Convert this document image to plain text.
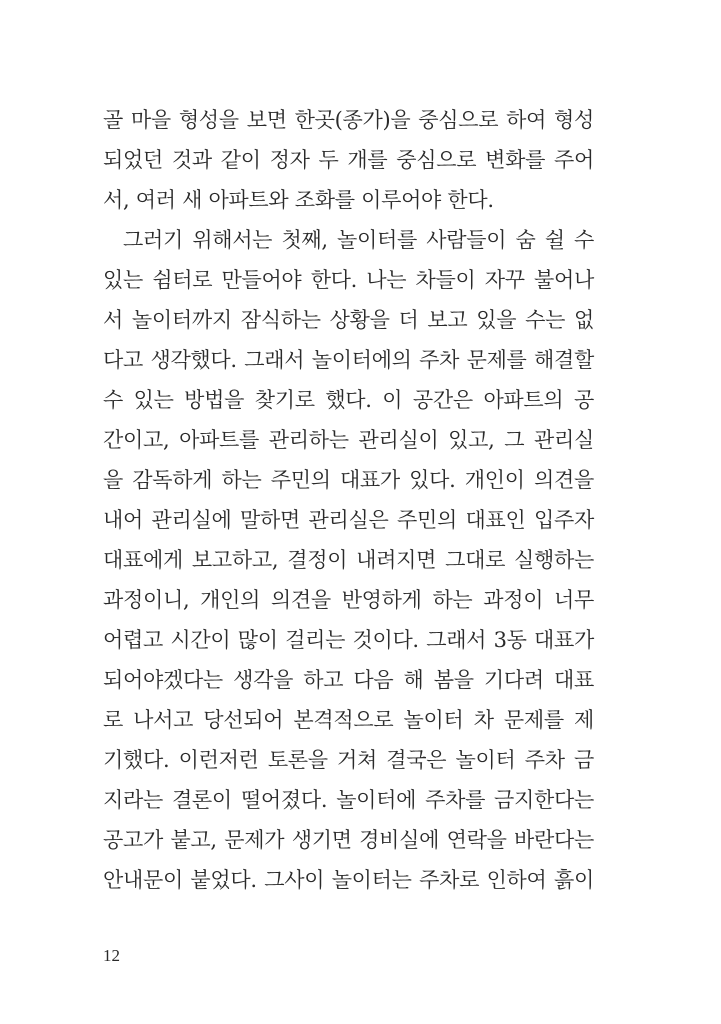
골 마을 형성을 보면 한곳(종가)을 중심으로 하여 형성
되었던 것과 같이 정자 두 개를 중심으로 변화를 주어
서, 여러 새 아파트와 조화를 이루어야 한다.
그러기 위해서는 첫째, 놀이터를 사람들이 숨 쉴 수
있는 쉼터로 만들어야 한다. 나는 차들이 자꾸 불어나
서 놀이터까지 잠식하는 상황을 더 보고 있을 수는 없
다고 생각했다. 그래서 놀이터에의 주차 문제를 해결할
수 있는 방법을 찾기로 했다. 이 공간은 아파트의 공
간이고, 아파트를 관리하는 관리실이 있고, 그 관리실
을 감독하게 하는 주민의 대표가 있다. 개인이 의견을
내어 관리실에 말하면 관리실은 주민의 대표인 입주자
대표에게 보고하고, 결정이 내려지면 그대로 실행하는
과정이니, 개인의 의견을 반영하게 하는 과정이 너무
어렵고 시간이 많이 걸리는 것이다. 그래서 3동 대표가
되어야겠다는 생각을 하고 다음 해 봄을 기다려 대표
로 나서고 당선되어 본격적으로 놀이터 차 문제를 제
기했다. 이런저런 토론을 거쳐 결국은 놀이터 주차 금
지라는 결론이 떨어졌다. 놀이터에 주차를 금지한다는
공고가 붙고, 문제가 생기면 경비실에 연락을 바란다는
안내문이 붙었다. 그사이 놀이터는 주차로 인하여 흙이
12
